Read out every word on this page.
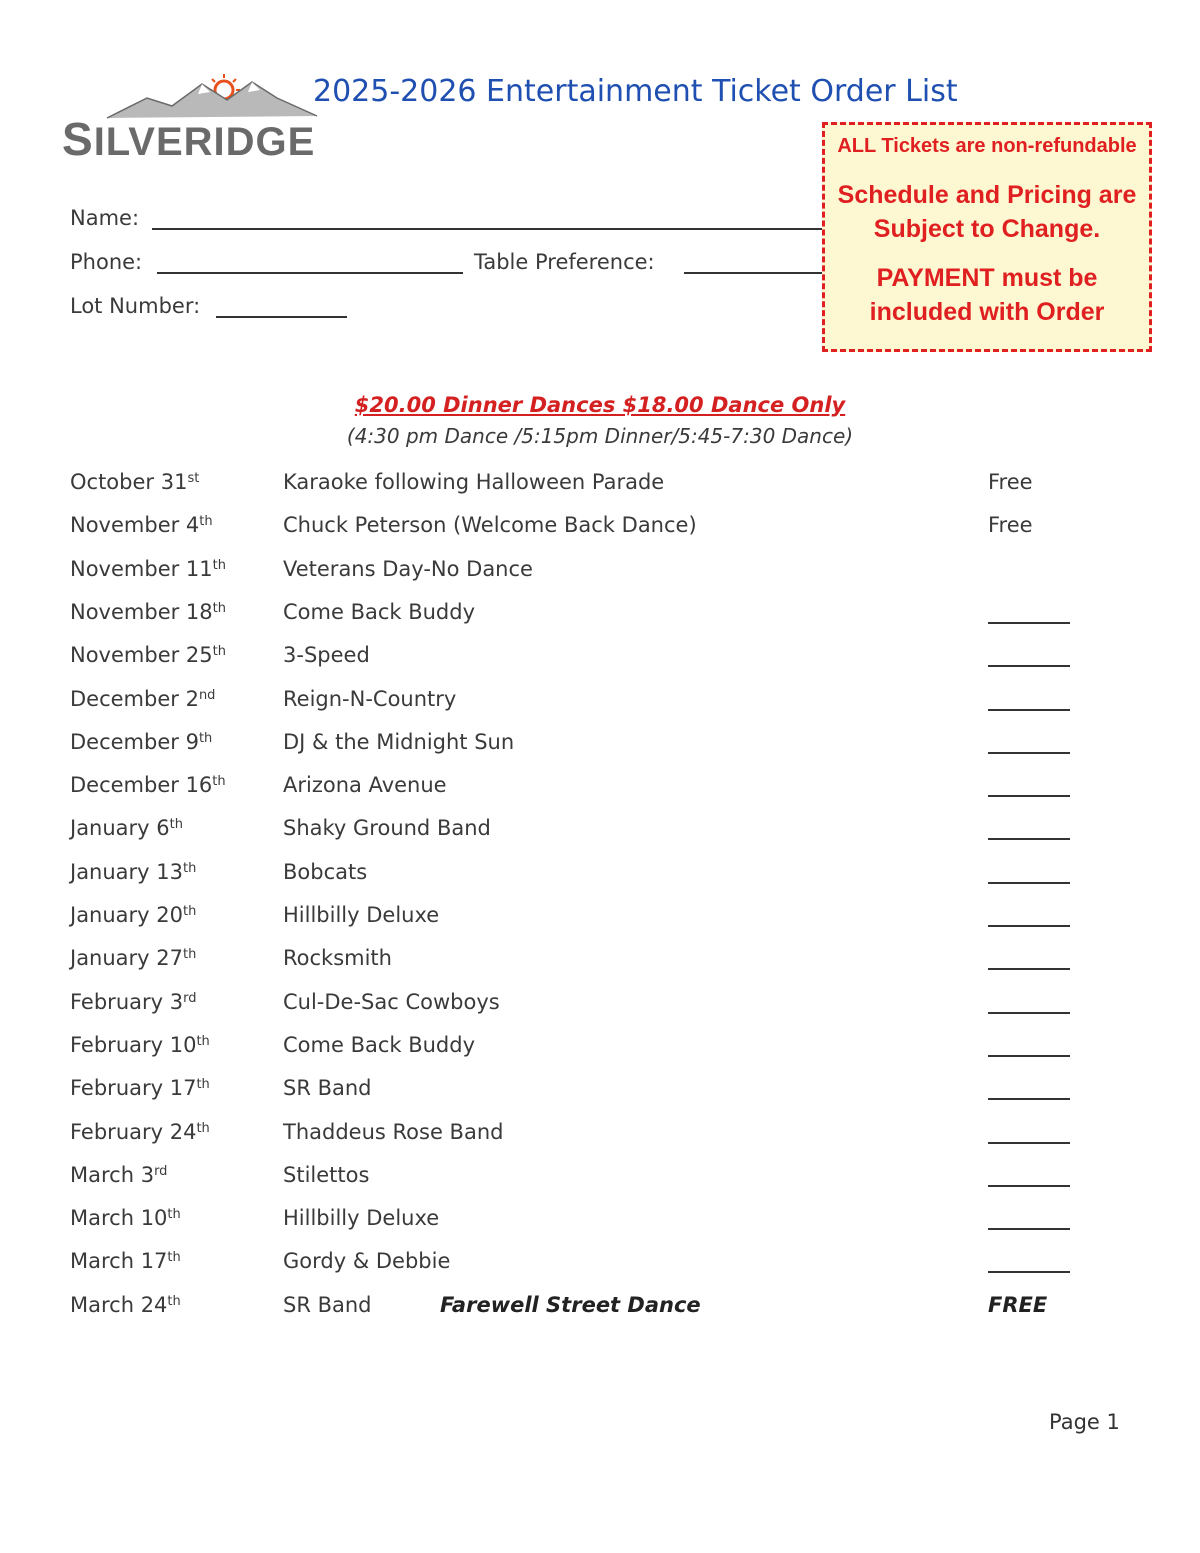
SILVERIDGE
2025-2026 Entertainment Ticket Order List
ALL Tickets are non-refundable
Schedule and Pricing are Subject to Change.
PAYMENT must be included with Order
Name:
Phone:	Table Preference:
Lot Number:
$20.00 Dinner Dances $18.00 Dance Only
(4:30 pm Dance /5:15pm Dinner/5:45-7:30 Dance)
October 31st	Karaoke following Halloween Parade	Free
November 4th	Chuck Peterson (Welcome Back Dance)	Free
November 11th	Veterans Day-No Dance
November 18th	Come Back Buddy
November 25th	3-Speed
December 2nd	Reign-N-Country
December 9th	DJ & the Midnight Sun
December 16th	Arizona Avenue
January 6th	Shaky Ground Band
January 13th	Bobcats
January 20th	Hillbilly Deluxe
January 27th	Rocksmith
February 3rd	Cul-De-Sac Cowboys
February 10th	Come Back Buddy
February 17th	SR Band
February 24th	Thaddeus Rose Band
March 3rd	Stilettos
March 10th	Hillbilly Deluxe
March 17th	Gordy & Debbie
March 24th	SR Band	Farewell Street Dance	FREE
Page 1
